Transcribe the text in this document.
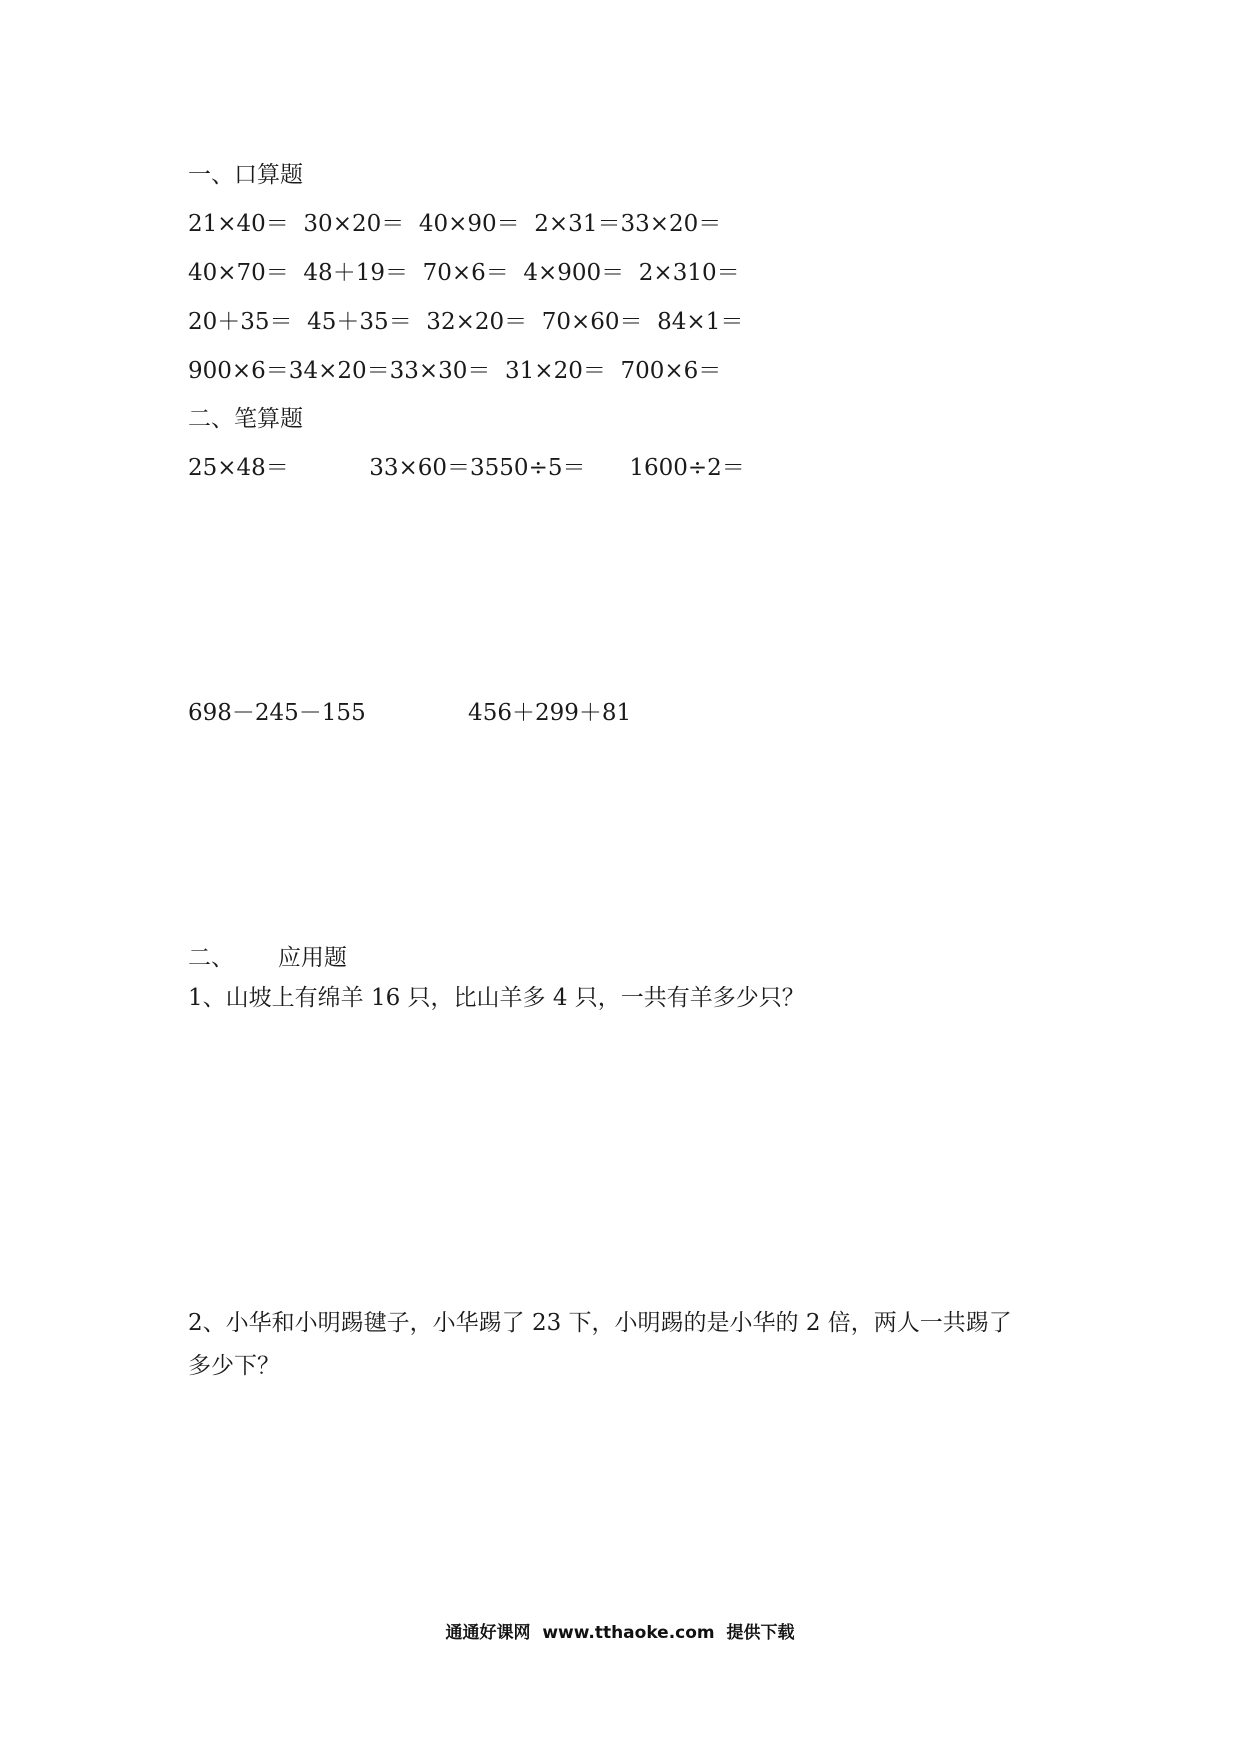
一、口算题
21×40＝  30×20＝  40×90＝  2×31＝33×20＝
40×70＝  48＋19＝  70×6＝  4×900＝  2×310＝
20＋35＝  45＋35＝  32×20＝  70×60＝  84×1＝
900×6＝34×20＝33×30＝  31×20＝  700×6＝
二、笔算题
25×48＝           33×60＝3550÷5＝      1600÷2＝
698－245－155              456＋299＋81
二、      应用题
1、山坡上有绵羊 16 只，比山羊多 4 只，一共有羊多少只？
2、小华和小明踢毽子，小华踢了 23 下，小明踢的是小华的 2 倍，两人一共踢了
多少下？
通通好课网  www.tthaoke.com  提供下载
